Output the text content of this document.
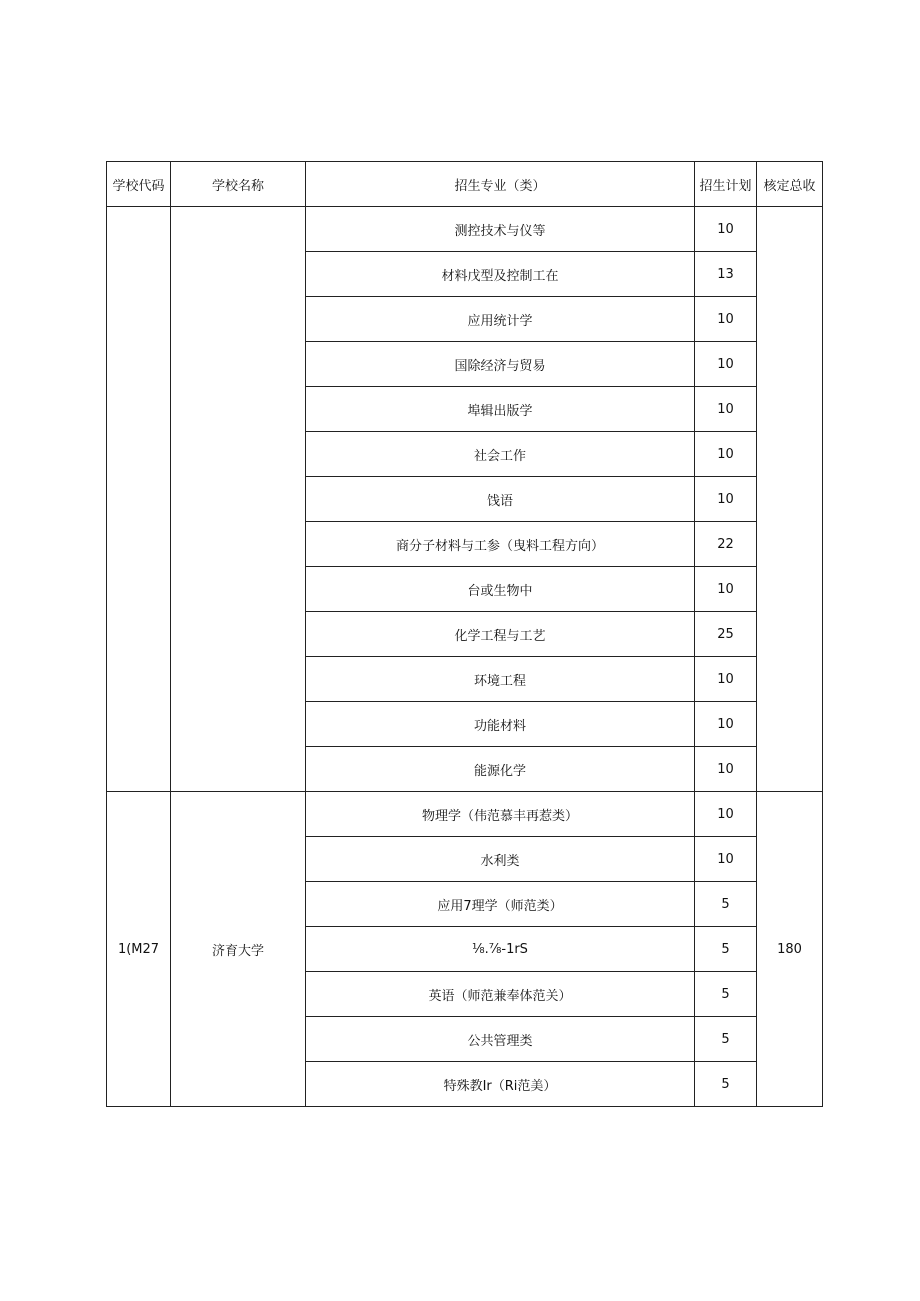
学校代码	学校名称	招生专业（类）	招生计划	核定总收
		测控技术与仪等	10	
		材料戊型及控制工在	13	
		应用统计学	10	
		国除经济与贸易	10	
		埠辑出版学	10	
		社会工作	10	
		饯语	10	
		商分子材料与工参（曳料工程方向）	22	
		台或生物中	10	
		化学工程与工艺	25	
		环境工程	10	
		功能材料	10	
		能源化学	10	
1(M27	济育大学	物理学（伟范慕丰再惹类）	10	180
		水利类	10	
		应用7理学（师范类）	5	
		⅛.⅞-1rS	5	
		英语（师范兼奉体范关）	5	
		公共管理类	5	
		特殊教Ir（Ri范美）	5	
